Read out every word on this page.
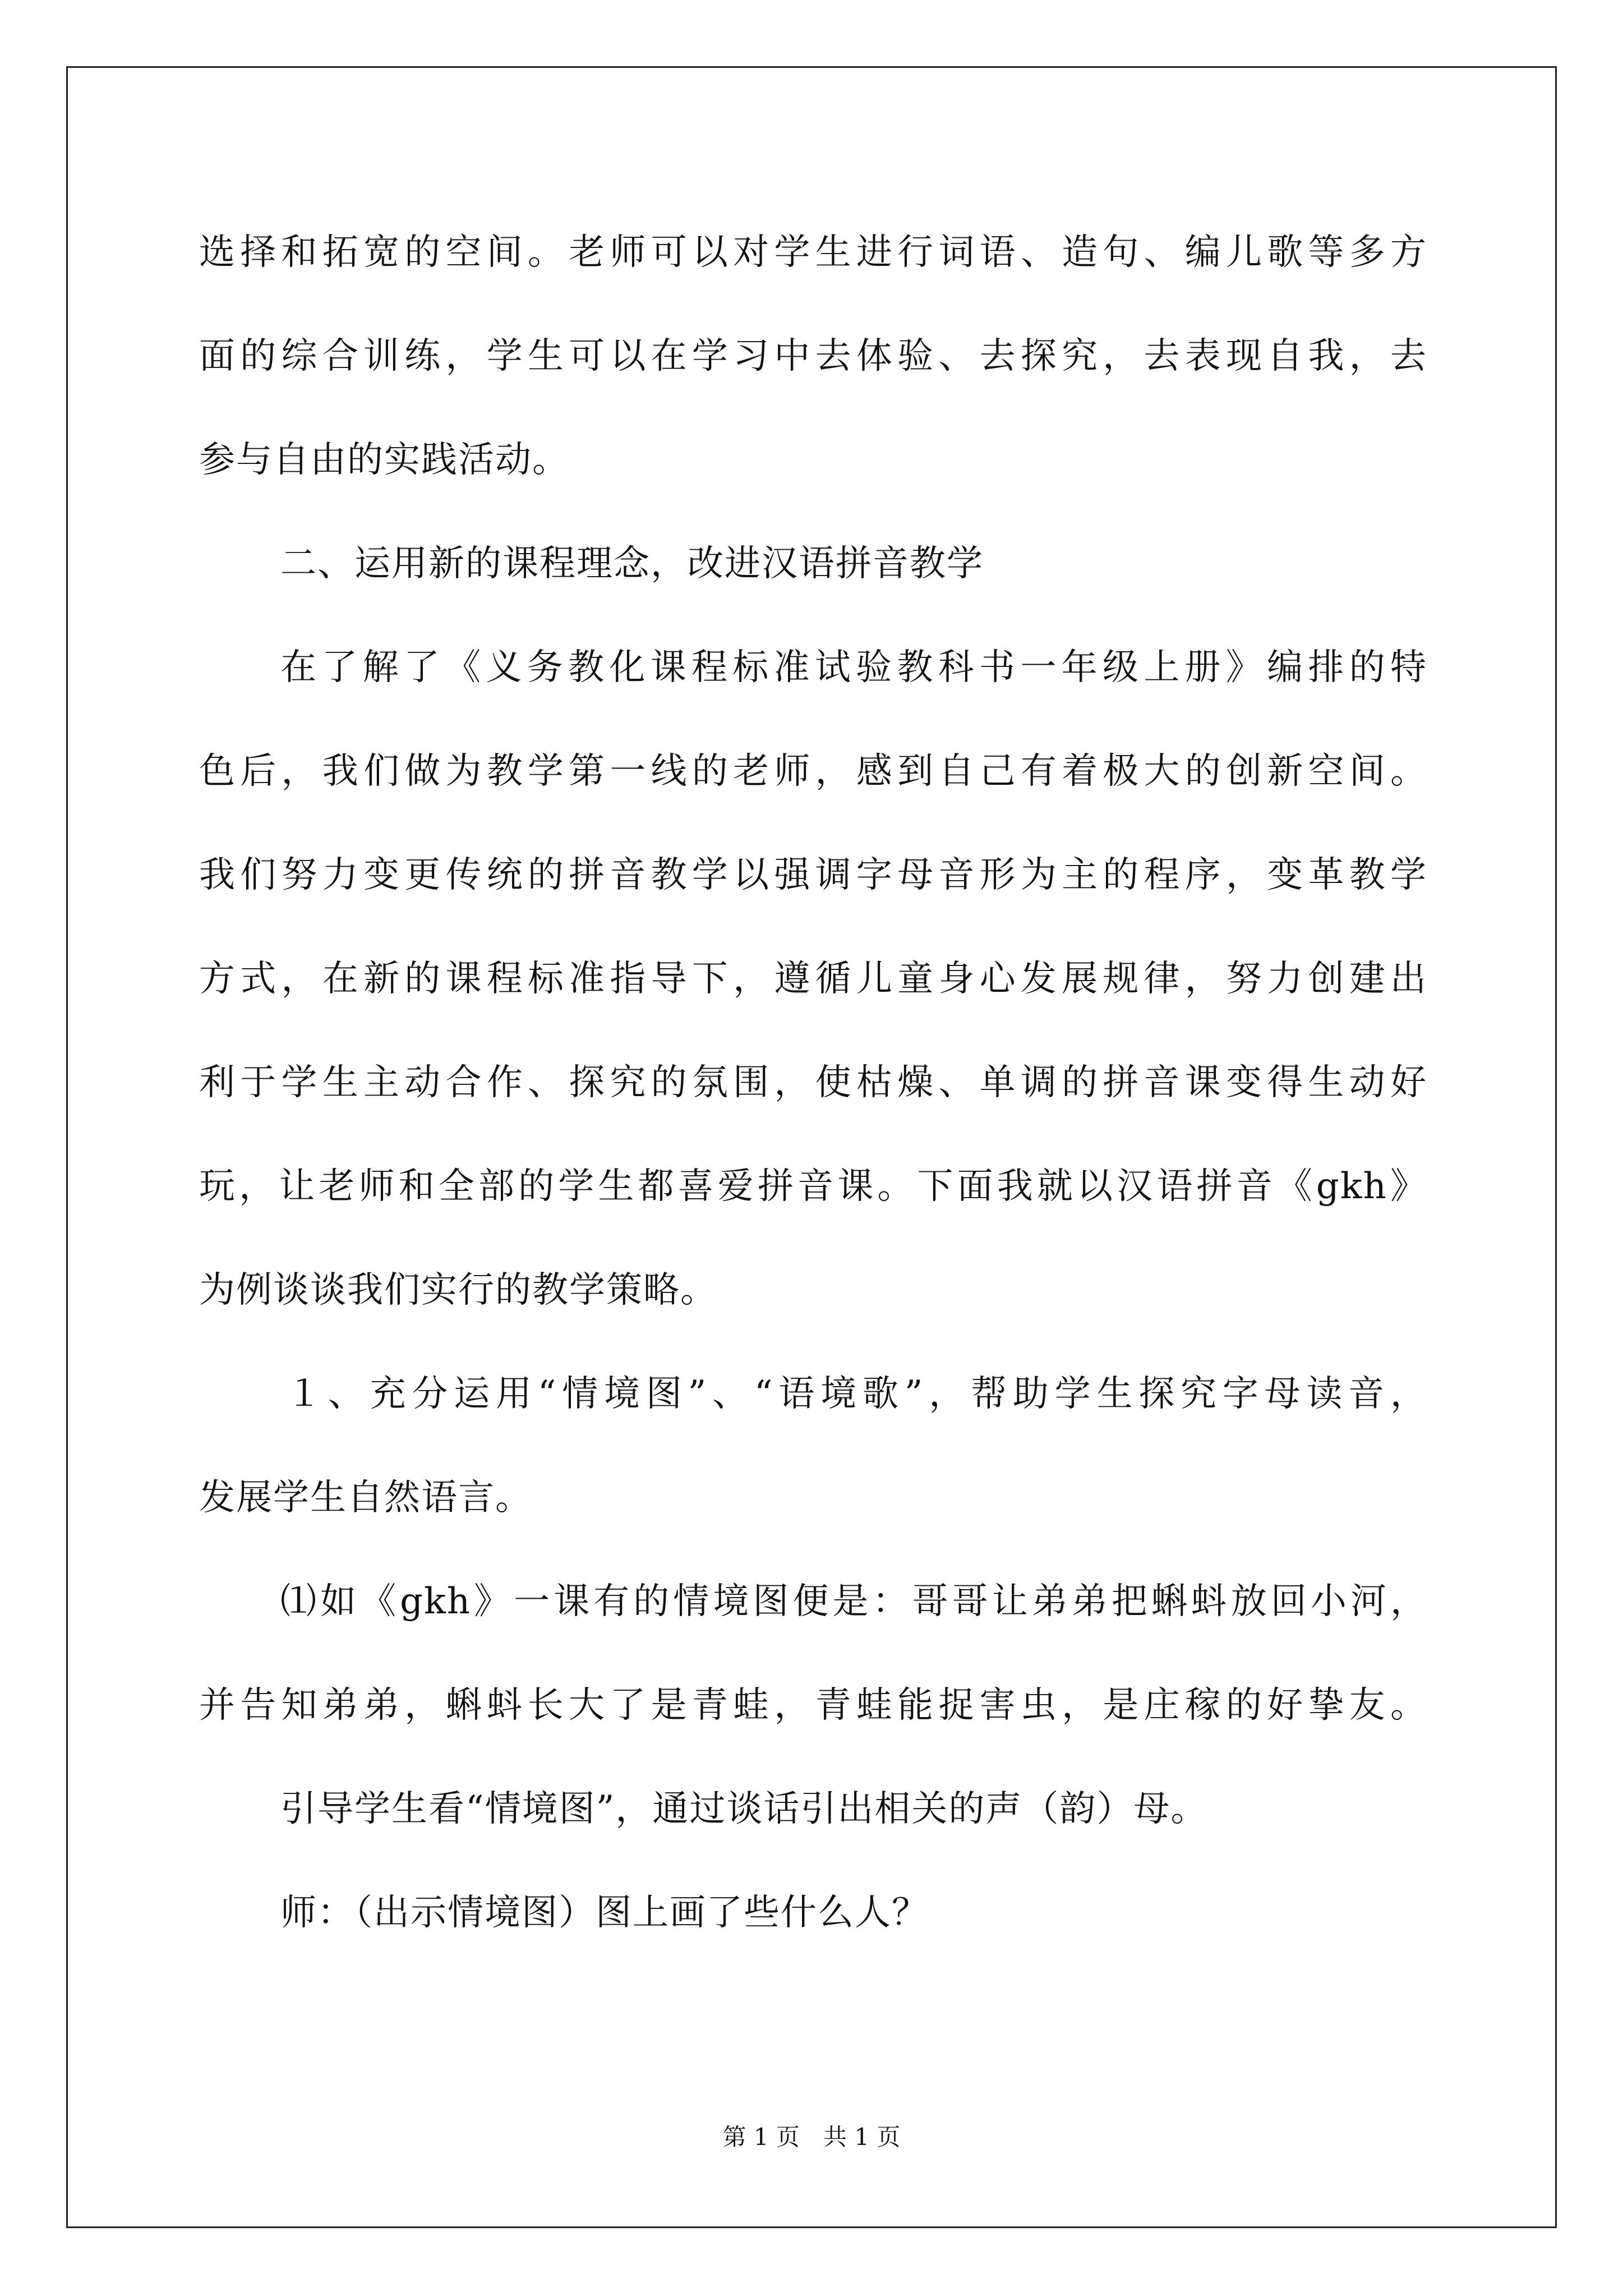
选择和拓宽的空间。老师可以对学生进行词语、造句、编儿歌等多方
面的综合训练，学生可以在学习中去体验、去探究，去表现自我，去
参与自由的实践活动。
二、运用新的课程理念，改进汉语拼音教学
在了解了《义务教化课程标准试验教科书一年级上册》编排的特
色后，我们做为教学第一线的老师，感到自己有着极大的创新空间。
我们努力变更传统的拼音教学以强调字母音形为主的程序，变革教学
方式，在新的课程标准指导下，遵循儿童身心发展规律，努力创建出
利于学生主动合作、探究的氛围，使枯燥、单调的拼音课变得生动好
玩，让老师和全部的学生都喜爱拼音课。下面我就以汉语拼音《gkh》
为例谈谈我们实行的教学策略。
１、充分运用“情境图”、“语境歌”，帮助学生探究字母读音，
发展学生自然语言。
⑴如《gkh》一课有的情境图便是：哥哥让弟弟把蝌蚪放回小河，
并告知弟弟，蝌蚪长大了是青蛙，青蛙能捉害虫，是庄稼的好挚友。
引导学生看“情境图”，通过谈话引出相关的声（韵）母。
师：（出示情境图）图上画了些什么人？
第 1 页　共 1 页
